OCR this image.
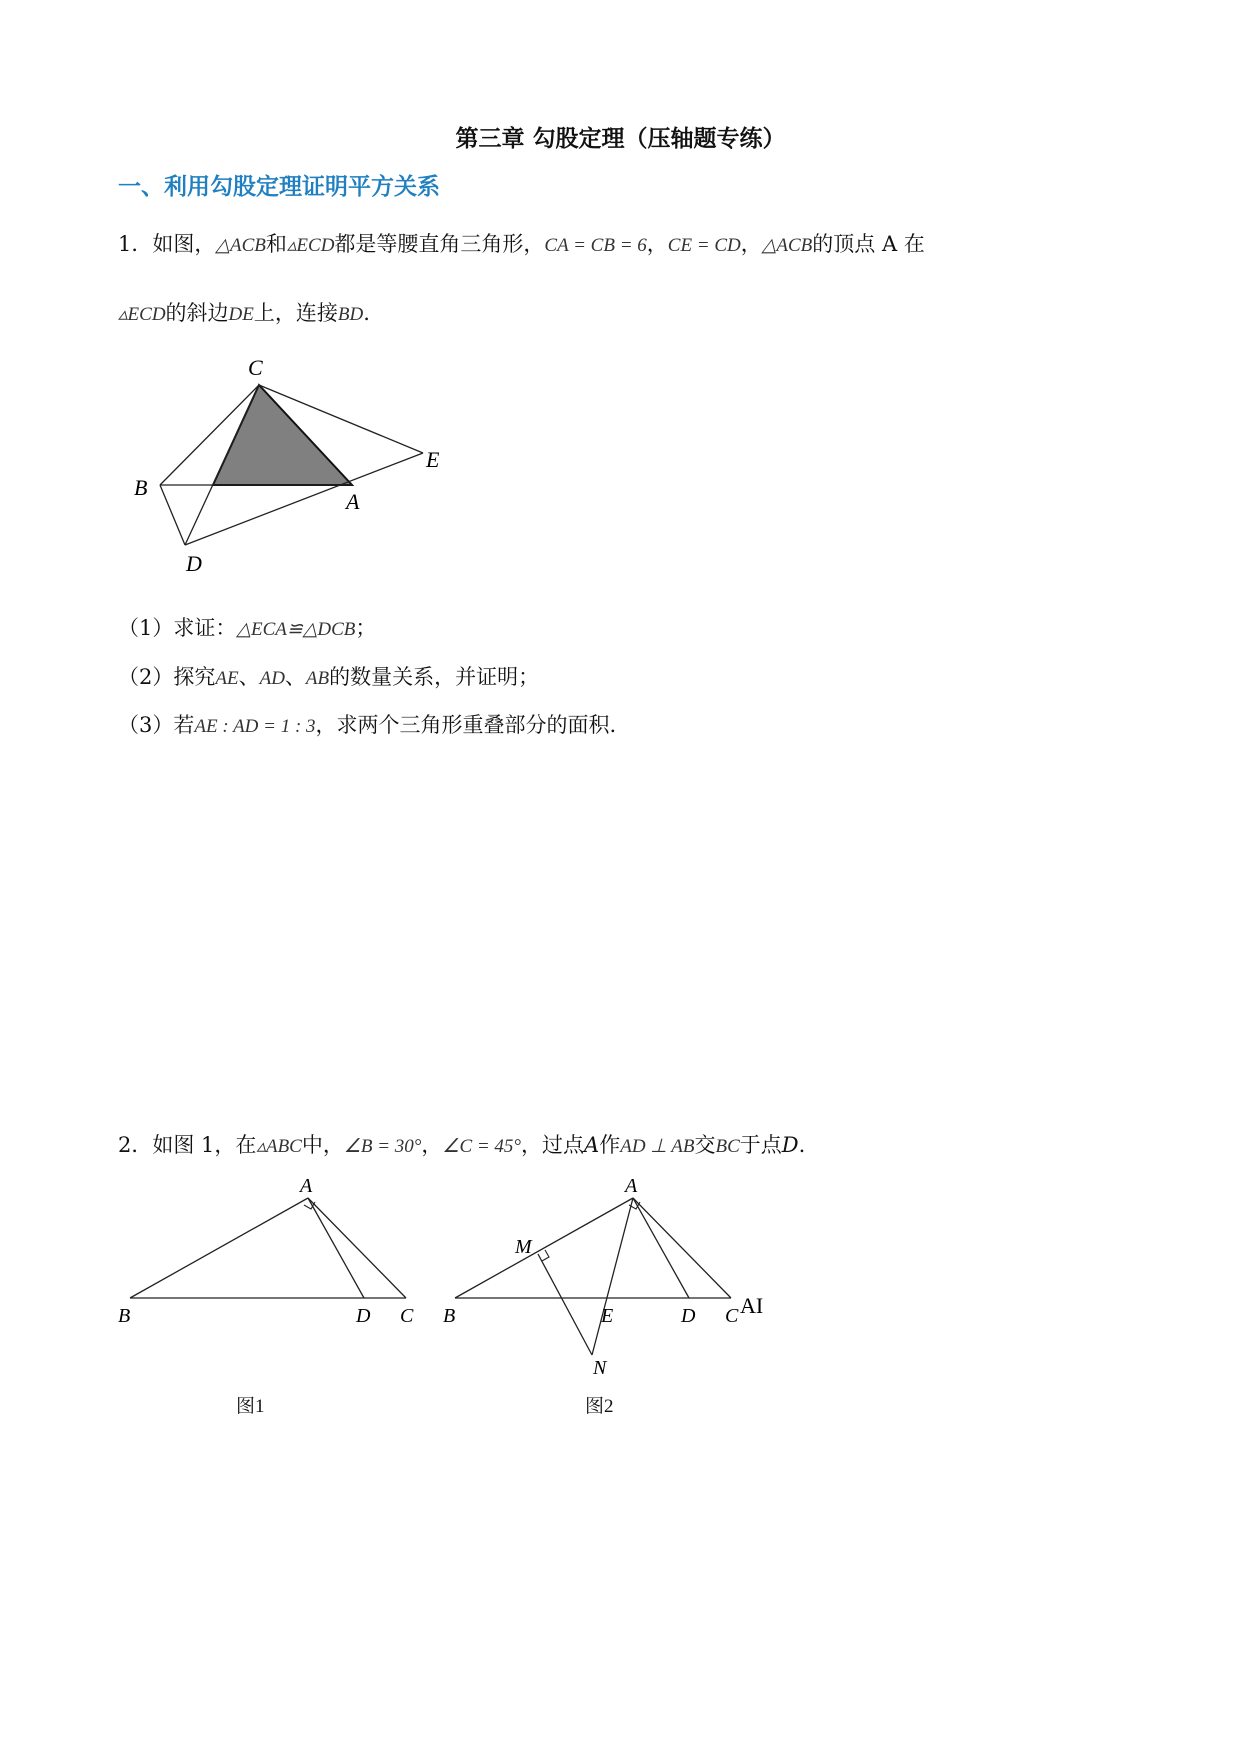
第三章 勾股定理（压轴题专练）
一、利用勾股定理证明平方关系
1．如图，△ACB和▵ECD都是等腰直角三角形，CA = CB = 6，CE = CD，△ACB的顶点 A 在
▵ECD的斜边DE上，连接BD.
C
E
B
A
D
（1）求证：△ECA≌△DCB；
（2）探究AE、AD、AB的数量关系，并证明；
（3）若AE : AD = 1 : 3，求两个三角形重叠部分的面积.
2．如图 1，在▵ABC中，∠B = 30°，∠C = 45°，过点A作AD ⊥ AB交BC于点D.
A
B	D C
A
M
B	E	D C AI
N
图1	图2
